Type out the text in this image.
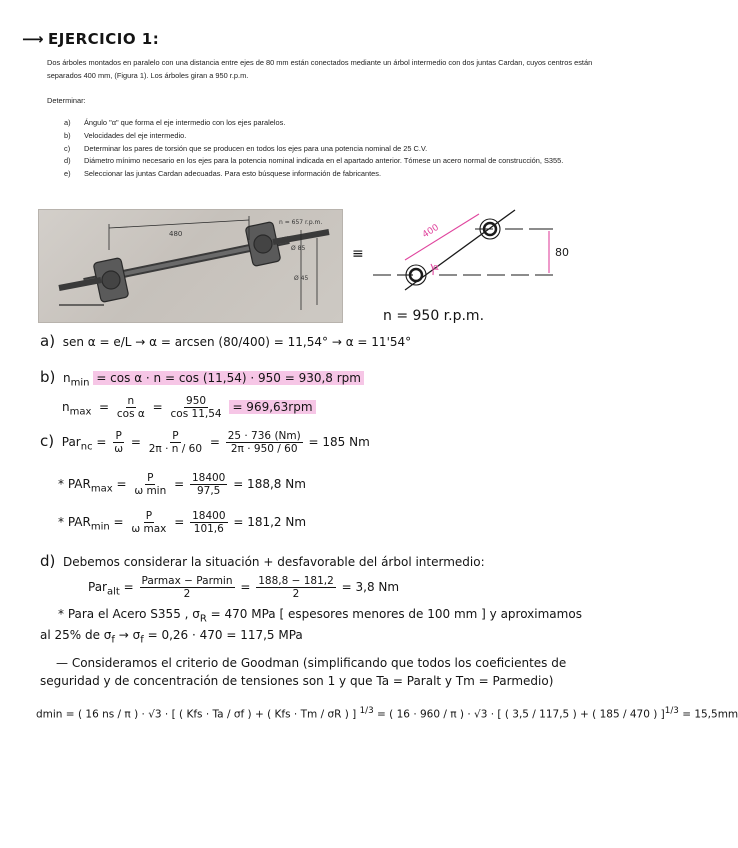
⟶ EJERCICIO 1:

Dos árboles montados en paralelo con una distancia entre ejes de 80 mm están conectados mediante un árbol intermedio con dos juntas Cardan, cuyos centros están separados 400 mm, (Figura 1). Los árboles giran a 950 r.p.m.

Determinar:
a)	Ángulo "α" que forma el eje intermedio con los ejes paralelos.
b)	Velocidades del eje intermedio.
c)	Determinar los pares de torsión que se producen en todos los ejes para una potencia nominal de 25 C.V.
d)	Diámetro mínimo necesario en los ejes para la potencia nominal indicada en el apartado anterior. Tómese un acero normal de construcción, S355.
e)	Seleccionar las juntas Cardan adecuadas. Para esto búsquese información de fabricantes.
480
n = 657 r.p.m.
Ø 85
Ø 45
≡
400
80
α
n = 950 r.p.m.
a) sen α = e/L → α = arcsen (80/400) = 11,54° → α = 11'54°
b) $n_{min} = \cos \alpha \cdot n = \cos (11,54) \cdot 950 = 930,8$ rpm
$n_{max} = \frac{n}{\text{cos α}} = \frac{950}{\cos 11,54} = 969,63rpm$
c) $Par_{nc} = \frac{P}{\omega} = \frac{P}{2\pi \cdot n / 60} = \frac{25 \cdot 736 (Nm)}{2\pi \cdot 950 / 60} = 185$ Nm
* $PAR_{max} = \frac{P}{\text{ω min}} = \frac{18400}{97,5} = 188,8$ Nm
* $PAR_{min} = \frac{P}{\text{ω max}} = \frac{18400}{101,6} = 181,2$ Nm
d) Debemos considerar la situación + desfavorable del árbol intermedio:
$Par_{alt} = \frac{\text{Parmax − Parmin}}{2} = \frac{188,8 - 181,2}{2} = 3,8$ Nm
* Para el Acero S355 , $\sigma_R = 470$ MPa [ espesores menores de 100 mm ] y aproximamos
al 25% de $\sigma_f \to \sigma_f = 0,26 \cdot 470 = 117,5$ MPa
— Consideramos el criterio de Goodman (simplificando que todos los coeficientes de
seguridad y de concentración de tensiones son 1 y que Ta = Paralt y Tm = Parmedio)
dmin = ( 16 ns / π ) · √3 · [ ( Kfs · Ta / σf ) + ( Kfs · Tm / σR ) ] $^{1/3}$ = ( 16 · 960 / π ) · √3 · [ ( 3,5 / 117,5 ) + ( 185 / 470 ) ]$^{1/3}$ = 15,5mm
